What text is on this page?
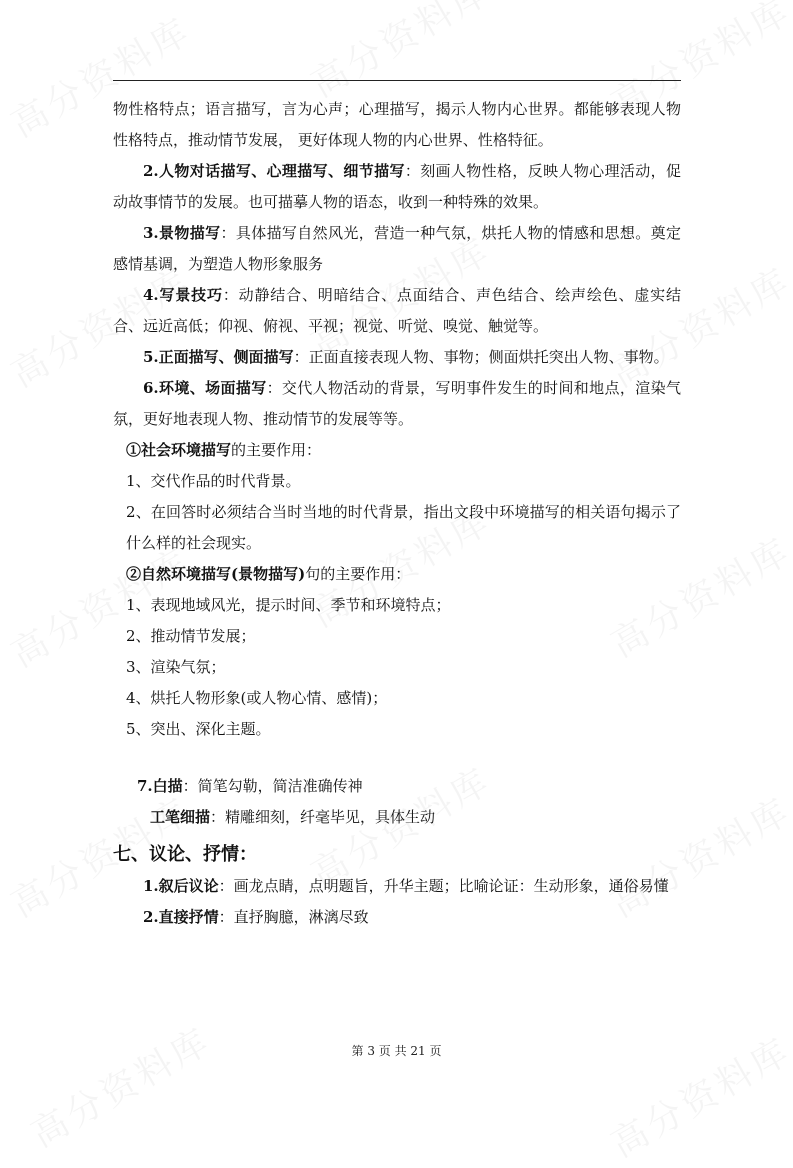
物性格特点；语言描写，言为心声；心理描写，揭示人物内心世界。都能够表现人物性格特点，推动情节发展， 更好体现人物的内心世界、性格特征。

2.人物对话描写、心理描写、细节描写：刻画人物性格，反映人物心理活动，促动故事情节的发展。也可描摹人物的语态，收到一种特殊的效果。

3.景物描写：具体描写自然风光，营造一种气氛，烘托人物的情感和思想。奠定感情基调，为塑造人物形象服务

4.写景技巧：动静结合、明暗结合、点面结合、声色结合、绘声绘色、虚实结合、远近高低；仰视、俯视、平视；视觉、听觉、嗅觉、触觉等。

5.正面描写、侧面描写：正面直接表现人物、事物；侧面烘托突出人物、事物。

6.环境、场面描写：交代人物活动的背景，写明事件发生的时间和地点，渲染气氛，更好地表现人物、推动情节的发展等等。

①社会环境描写的主要作用：

1、交代作品的时代背景。

2、在回答时必须结合当时当地的时代背景，指出文段中环境描写的相关语句揭示了什么样的社会现实。

②自然环境描写(景物描写)句的主要作用：

1、表现地域风光，提示时间、季节和环境特点；

2、推动情节发展；

3、渲染气氛；

4、烘托人物形象(或人物心情、感情)；

5、突出、深化主题。

7.白描：简笔勾勒，简洁准确传神

工笔细描：精雕细刻，纤毫毕见，具体生动

七、议论、抒情：

1.叙后议论：画龙点睛，点明题旨，升华主题；比喻论证：生动形象，通俗易懂

2.直接抒情：直抒胸臆，淋漓尽致

第 3 页 共 21 页
